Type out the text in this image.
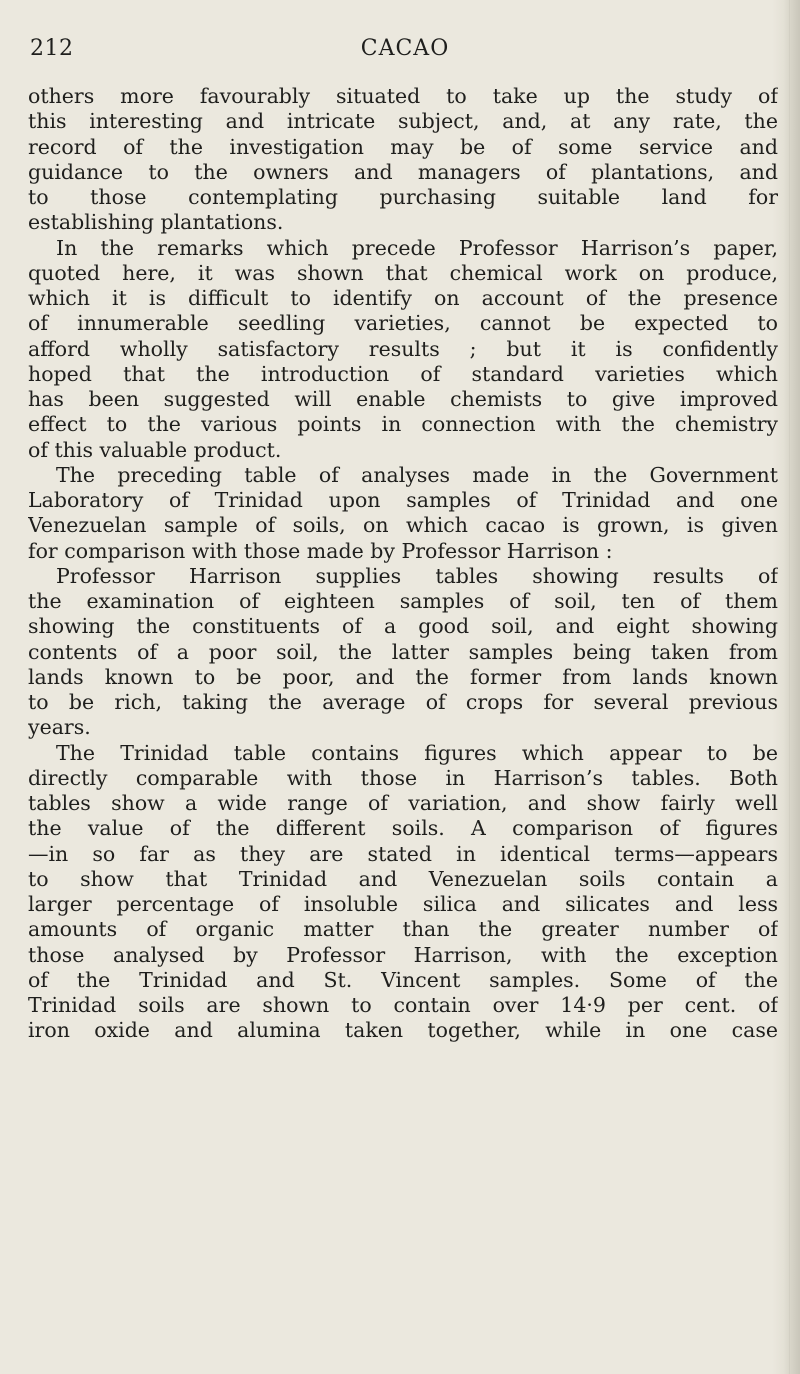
212	CACAO
others more favourably situated to take up the study of
this interesting and intricate subject, and, at any rate, the
record of the investigation may be of some service and
guidance to the owners and managers of plantations, and
to those contemplating purchasing suitable land for
establishing plantations.
In the remarks which precede Professor Harrison’s paper,
quoted here, it was shown that chemical work on produce,
which it is difficult to identify on account of the presence
of innumerable seedling varieties, cannot be expected to
afford wholly satisfactory results ; but it is confidently
hoped that the introduction of standard varieties which
has been suggested will enable chemists to give improved
effect to the various points in connection with the chemistry
of this valuable product.
The preceding table of analyses made in the Government
Laboratory of Trinidad upon samples of Trinidad and one
Venezuelan sample of soils, on which cacao is grown, is given
for comparison with those made by Professor Harrison :
Professor Harrison supplies tables showing results of
the examination of eighteen samples of soil, ten of them
showing the constituents of a good soil, and eight showing
contents of a poor soil, the latter samples being taken from
lands known to be poor, and the former from lands known
to be rich, taking the average of crops for several previous
years.
The Trinidad table contains figures which appear to be
directly comparable with those in Harrison’s tables. Both
tables show a wide range of variation, and show fairly well
the value of the different soils. A comparison of figures
—in so far as they are stated in identical terms—appears
to show that Trinidad and Venezuelan soils contain a
larger percentage of insoluble silica and silicates and less
amounts of organic matter than the greater number of
those analysed by Professor Harrison, with the exception
of the Trinidad and St. Vincent samples. Some of the
Trinidad soils are shown to contain over 14·9 per cent. of
iron oxide and alumina taken together, while in one case
